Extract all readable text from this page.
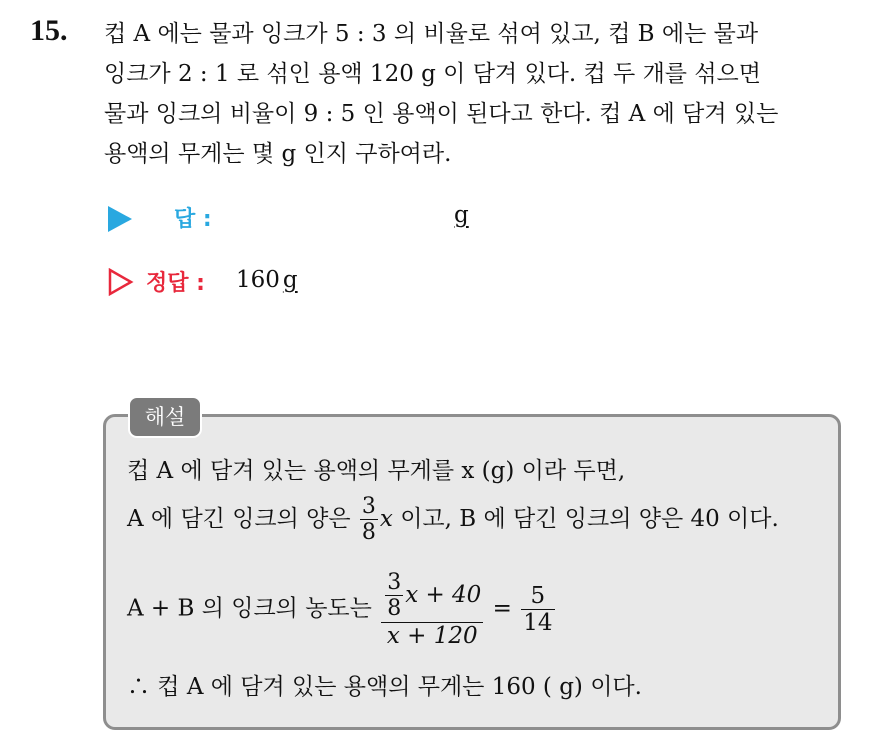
15. 컵 A 에는 물과 잉크가 5 : 3 의 비율로 섞여 있고, 컵 B 에는 물과
잉크가 2 : 1 로 섞인 용액 120 g 이 담겨 있다. 컵 두 개를 섞으면
물과 잉크의 비율이 9 : 5 인 용액이 된다고 한다. 컵 A 에 담겨 있는
용액의 무게는 몇 g 인지 구하여라.
답 :	g
정답 : 160 g
해설
컵 A 에 담겨 있는 용액의 무게를 x (g) 이라 두면,
A 에 담긴 잉크의 양은 $\frac{3}{8}$ x 이고, B 에 담긴 잉크의 양은 40 이다.
A + B 의 잉크의 농도는 $\frac{\frac{3}{8} x + 40}{x + 120} = \frac{5}{14}$
∴ 컵 A 에 담겨 있는 용액의 무게는 160 ( g) 이다.
